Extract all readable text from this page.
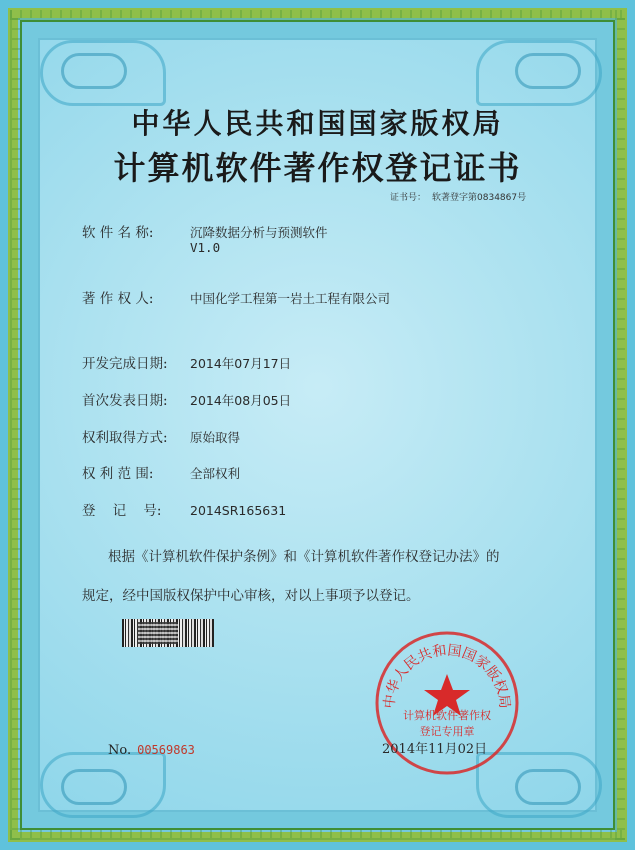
中华人民共和国国家版权局
计算机软件著作权登记证书
证书号： 软著登字第0834867号
软 件 名 称:	沉降数据分析与预测软件
V1.0
著 作 权 人:	中国化学工程第一岩土工程有限公司
开发完成日期: 2014年07月17日
首次发表日期: 2014年08月05日
权利取得方式: 原始取得
权 利 范 围:	全部权利
登    记    号: 2014SR165631
根据《计算机软件保护条例》和《计算机软件著作权登记办法》的
规定，经中国版权保护中心审核，对以上事项予以登记。
中华人民共和国国家版权局
计算机软件著作权
登记专用章
No. 00569863	2014年11月02日
